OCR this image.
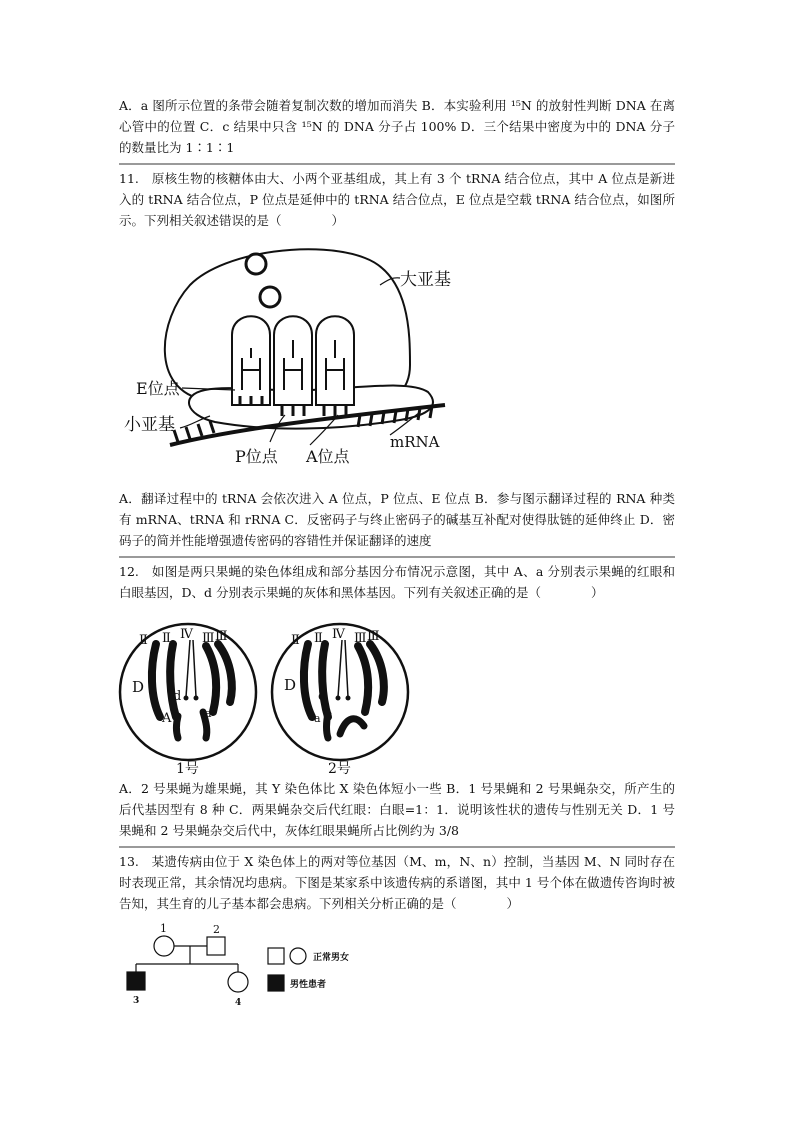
A．a 图所示位置的条带会随着复制次数的增加而消失 B．本实验利用 ¹⁵N 的放射性判断 DNA 在离心管中的位置 C．c 结果中只含 ¹⁵N 的 DNA 分子占 100% D．三个结果中密度为中的 DNA 分子的数量比为 1∶1∶1
11.　原核生物的核糖体由大、小两个亚基组成，其上有 3 个 tRNA 结合位点，其中 A 位点是新进入的 tRNA 结合位点，P 位点是延伸中的 tRNA 结合位点，E 位点是空载 tRNA 结合位点，如图所示。下列相关叙述错误的是（　　　　）
大亚基
E位点
小亚基
P位点 A位点
mRNA
A．翻译过程中的 tRNA 会依次进入 A 位点，P 位点、E 位点 B．参与图示翻译过程的 RNA 种类有 mRNA、tRNA 和 rRNA C．反密码子与终止密码子的碱基互补配对使得肽链的延伸终止 D．密码子的简并性能增强遗传密码的容错性并保证翻译的速度
12.　如图是两只果蝇的染色体组成和部分基因分布情况示意图，其中 A、a 分别表示果蝇的红眼和白眼基因，D、d 分别表示果蝇的灰体和黑体基因。下列有关叙述正确的是（　　　　）
Ⅱ Ⅱ Ⅳ Ⅲ Ⅲ
D
d
A	a
Ⅱ Ⅱ Ⅳ Ⅲ Ⅲ
D
d
a
1号	2号
A．2 号果蝇为雄果蝇，其 Y 染色体比 X 染色体短小一些 B．1 号果蝇和 2 号果蝇杂交，所产生的后代基因型有 8 种 C．两果蝇杂交后代红眼：白眼=1：1．说明该性状的遗传与性别无关 D．1 号果蝇和 2 号果蝇杂交后代中，灰体红眼果蝇所占比例约为 3/8
13.　某遗传病由位于 X 染色体上的两对等位基因（M、m，N、n）控制，当基因 M、N 同时存在时表现正常，其余情况均患病。下图是某家系中该遗传病的系谱图，其中 1 号个体在做遗传咨询时被告知，其生育的儿子基本都会患病。下列相关分析正确的是（　　　　）
1	2
3	4
正常男女
男性患者
